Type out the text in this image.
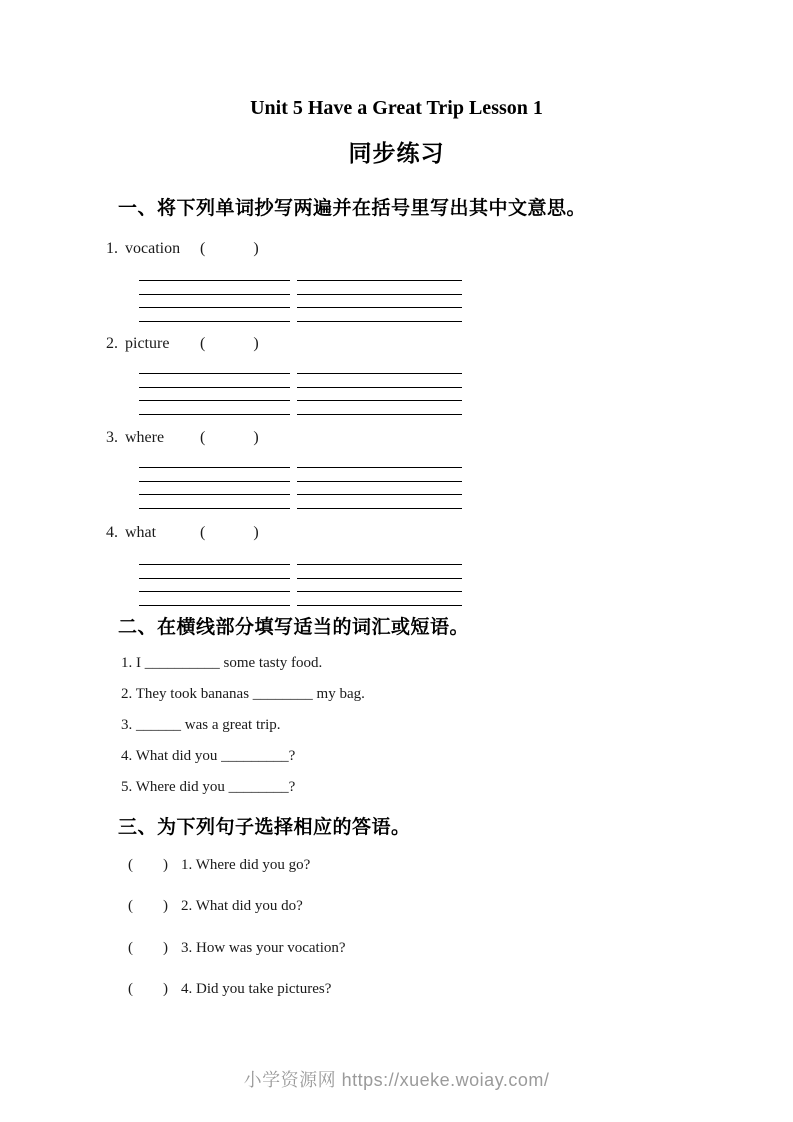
Unit 5 Have a Great Trip Lesson 1
同步练习
一、将下列单词抄写两遍并在括号里写出其中文意思。
1. vocation (            )
2. picture (            )
3. where (            )
4. what	(            )
二、在横线部分填写适当的词汇或短语。
1. I __________ some tasty food.
2. They took bananas ________ my bag.
3. ______ was a great trip.
4. What did you _________?
5. Where did you ________?
三、为下列句子选择相应的答语。
(        ) 1. Where did you go?
(        ) 2. What did you do?
(        ) 3. How was your vocation?
(        ) 4. Did you take pictures?
小学资源网 https://xueke.woiay.com/
